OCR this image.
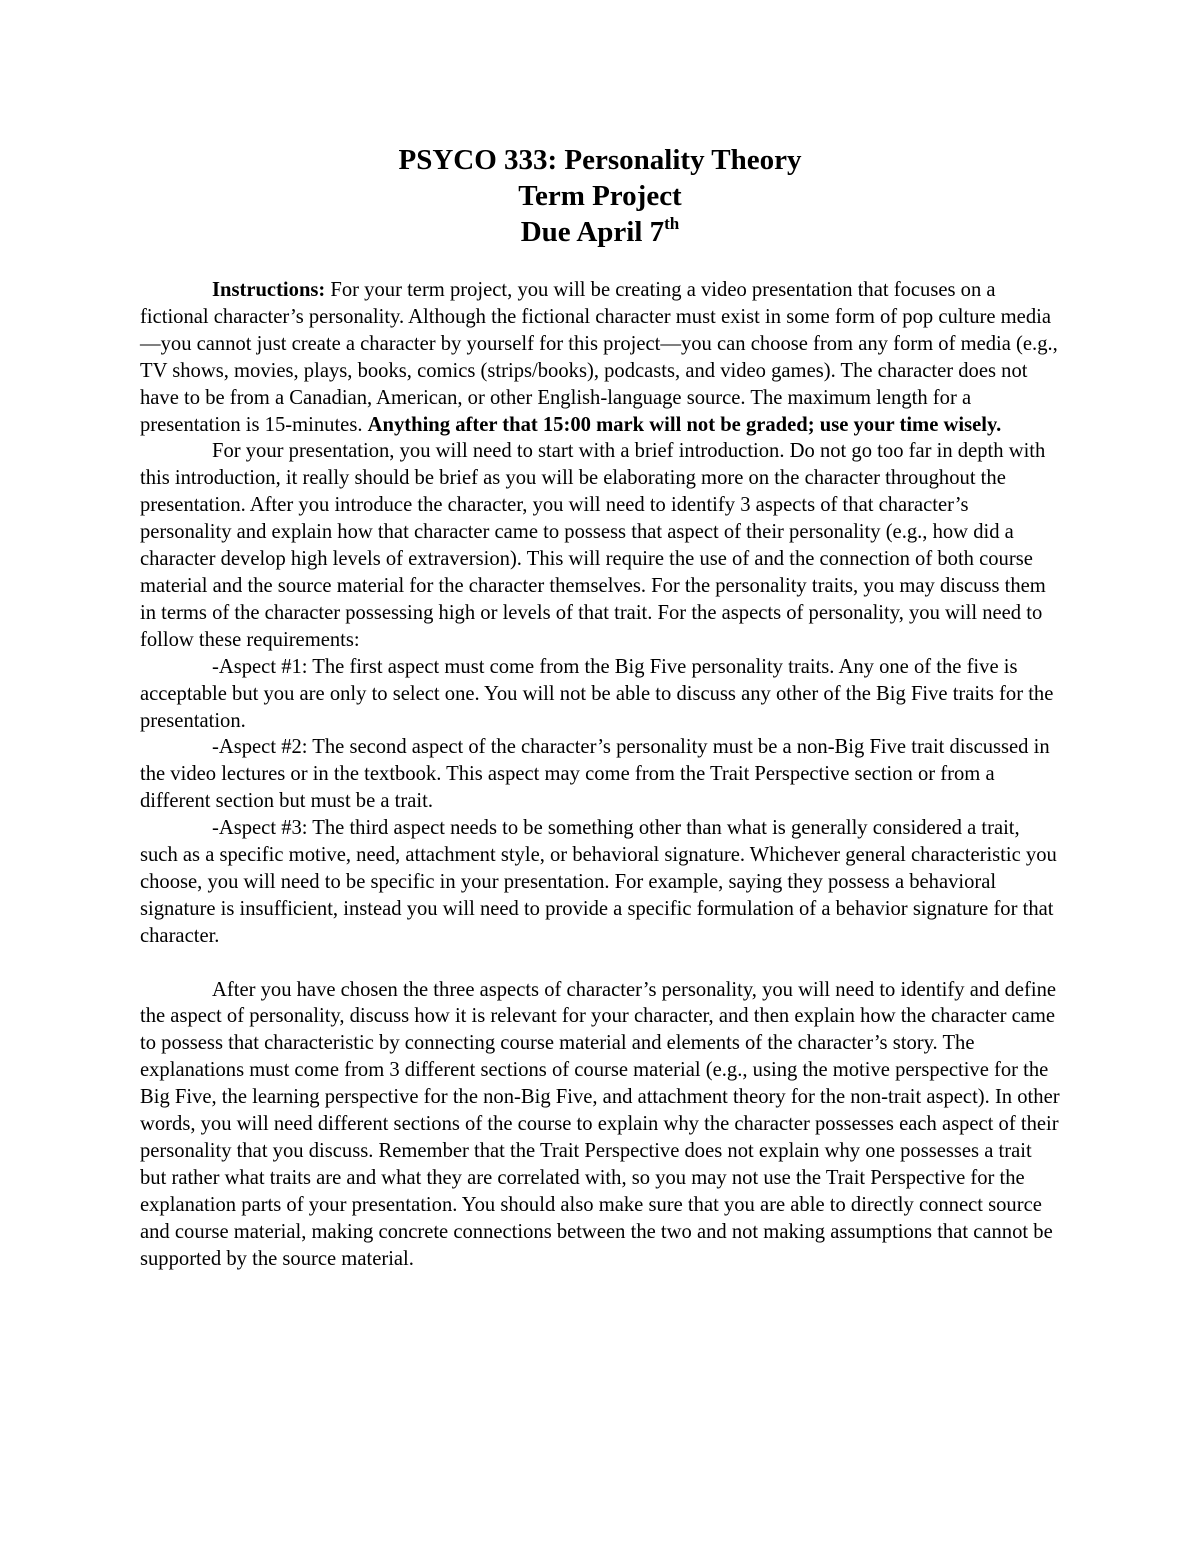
PSYCO 333: Personality Theory
Term Project
Due April 7th

Instructions: For your term project, you will be creating a video presentation that focuses on a fictional character’s personality. Although the fictional character must exist in some form of pop culture media—you cannot just create a character by yourself for this project—you can choose from any form of media (e.g., TV shows, movies, plays, books, comics (strips/books), podcasts, and video games). The character does not have to be from a Canadian, American, or other English-language source. The maximum length for a presentation is 15-minutes. Anything after that 15:00 mark will not be graded; use your time wisely.

For your presentation, you will need to start with a brief introduction. Do not go too far in depth with this introduction, it really should be brief as you will be elaborating more on the character throughout the presentation. After you introduce the character, you will need to identify 3 aspects of that character’s personality and explain how that character came to possess that aspect of their personality (e.g., how did a character develop high levels of extraversion). This will require the use of and the connection of both course material and the source material for the character themselves. For the personality traits, you may discuss them in terms of the character possessing high or levels of that trait. For the aspects of personality, you will need to follow these requirements:

-Aspect #1: The first aspect must come from the Big Five personality traits. Any one of the five is acceptable but you are only to select one. You will not be able to discuss any other of the Big Five traits for the presentation.

-Aspect #2: The second aspect of the character’s personality must be a non-Big Five trait discussed in the video lectures or in the textbook. This aspect may come from the Trait Perspective section or from a different section but must be a trait.

-Aspect #3: The third aspect needs to be something other than what is generally considered a trait, such as a specific motive, need, attachment style, or behavioral signature. Whichever general characteristic you choose, you will need to be specific in your presentation. For example, saying they possess a behavioral signature is insufficient, instead you will need to provide a specific formulation of a behavior signature for that character.

After you have chosen the three aspects of character’s personality, you will need to identify and define the aspect of personality, discuss how it is relevant for your character, and then explain how the character came to possess that characteristic by connecting course material and elements of the character’s story. The explanations must come from 3 different sections of course material (e.g., using the motive perspective for the Big Five, the learning perspective for the non-Big Five, and attachment theory for the non-trait aspect). In other words, you will need different sections of the course to explain why the character possesses each aspect of their personality that you discuss. Remember that the Trait Perspective does not explain why one possesses a trait but rather what traits are and what they are correlated with, so you may not use the Trait Perspective for the explanation parts of your presentation. You should also make sure that you are able to directly connect source and course material, making concrete connections between the two and not making assumptions that cannot be supported by the source material.
